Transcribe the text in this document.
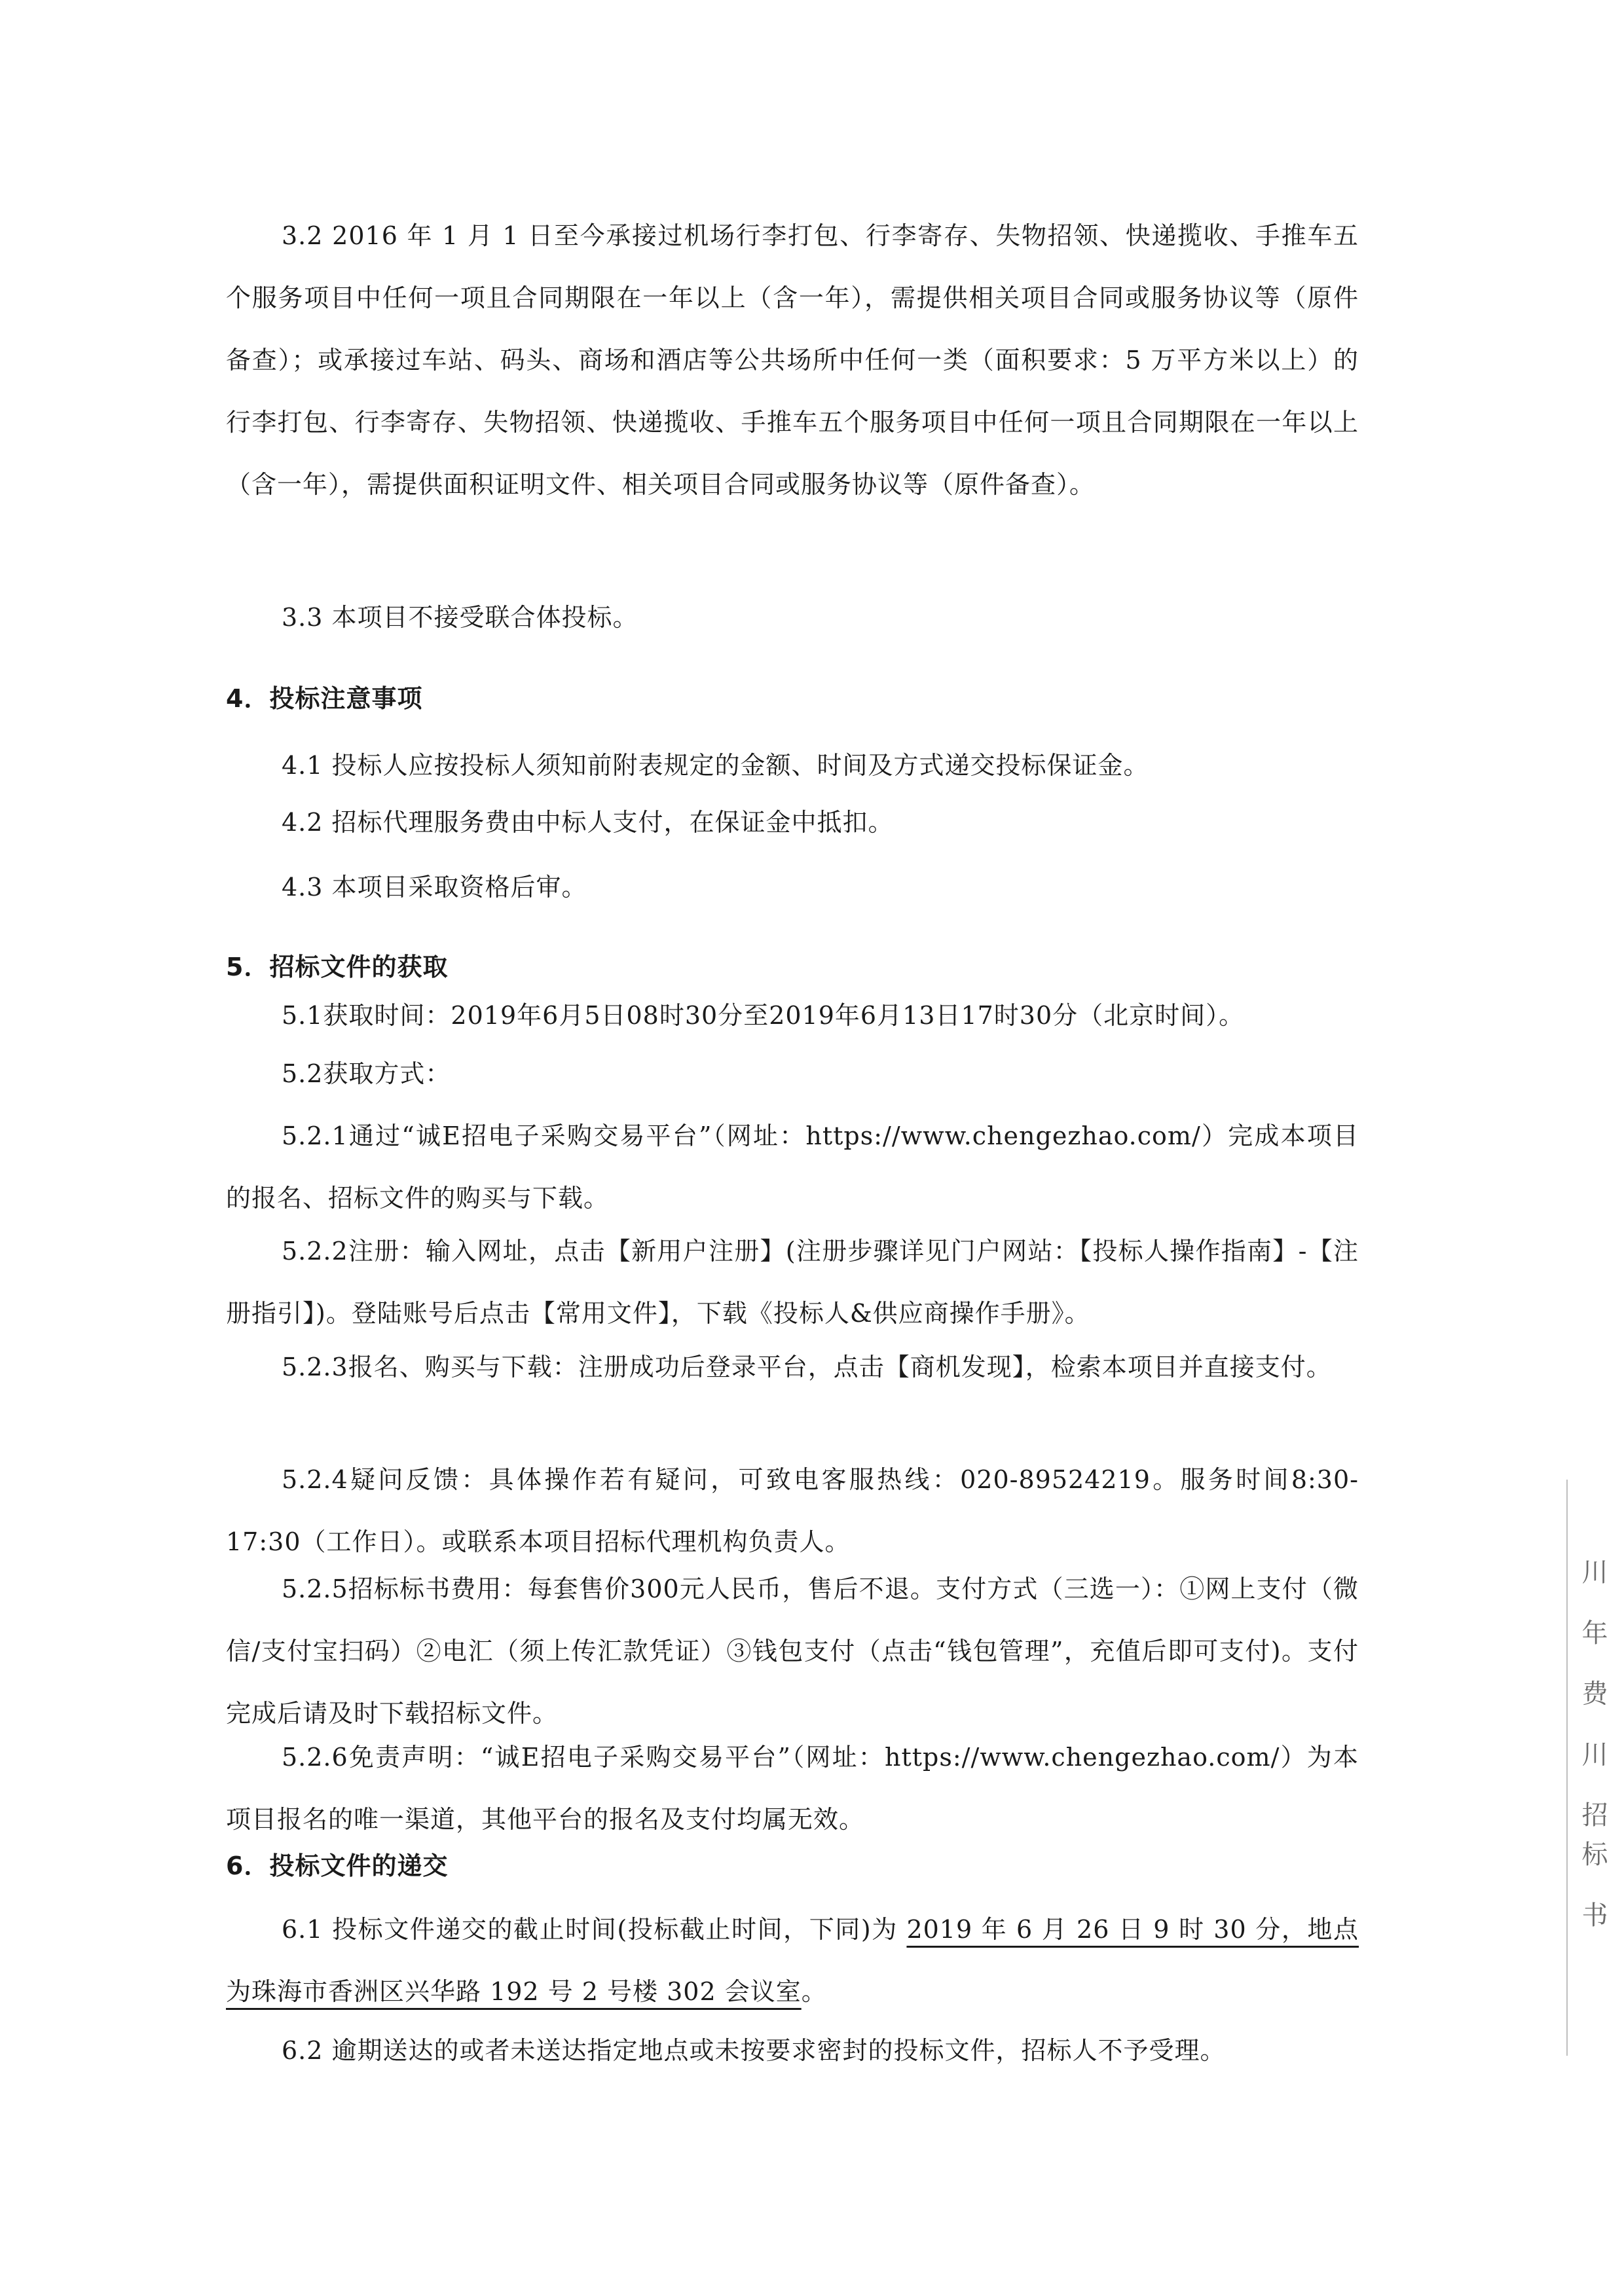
3.2 2016 年 1 月 1 日至今承接过机场行李打包、行李寄存、失物招领、快递揽收、手推车五个服务项目中任何一项且合同期限在一年以上（含一年），需提供相关项目合同或服务协议等（原件备查）；或承接过车站、码头、商场和酒店等公共场所中任何一类（面积要求：5 万平方米以上）的行李打包、行李寄存、失物招领、快递揽收、手推车五个服务项目中任何一项且合同期限在一年以上（含一年），需提供面积证明文件、相关项目合同或服务协议等（原件备查）。

3.3 本项目不接受联合体投标。

4．投标注意事项

4.1 投标人应按投标人须知前附表规定的金额、时间及方式递交投标保证金。

4.2 招标代理服务费由中标人支付，在保证金中抵扣。

4.3 本项目采取资格后审。

5．招标文件的获取

5.1获取时间：2019年6月5日08时30分至2019年6月13日17时30分（北京时间）。

5.2获取方式：

5.2.1通过“诚E招电子采购交易平台”（网址：https://www.chengezhao.com/）完成本项目的报名、招标文件的购买与下载。

5.2.2注册：输入网址，点击【新用户注册】(注册步骤详见门户网站：【投标人操作指南】-【注册指引】)。登陆账号后点击【常用文件】，下载《投标人&供应商操作手册》。

5.2.3报名、购买与下载：注册成功后登录平台，点击【商机发现】，检索本项目并直接支付。

5.2.4疑问反馈：具体操作若有疑问，可致电客服热线：020-89524219。服务时间8:30-17:30（工作日）。或联系本项目招标代理机构负责人。

5.2.5招标标书费用：每套售价300元人民币，售后不退。支付方式（三选一）：①网上支付（微信/支付宝扫码）②电汇（须上传汇款凭证）③钱包支付（点击“钱包管理”，充值后即可支付)。支付完成后请及时下载招标文件。

5.2.6免责声明：“诚E招电子采购交易平台”（网址：https://www.chengezhao.com/）为本项目报名的唯一渠道，其他平台的报名及支付均属无效。

6．投标文件的递交

6.1 投标文件递交的截止时间(投标截止时间，下同)为 2019 年 6 月 26 日 9 时 30 分，地点为珠海市香洲区兴华路 192 号 2 号楼 302 会议室。

6.2 逾期送达的或者未送达指定地点或未按要求密封的投标文件，招标人不予受理。

川 年 费 川 招标 书
